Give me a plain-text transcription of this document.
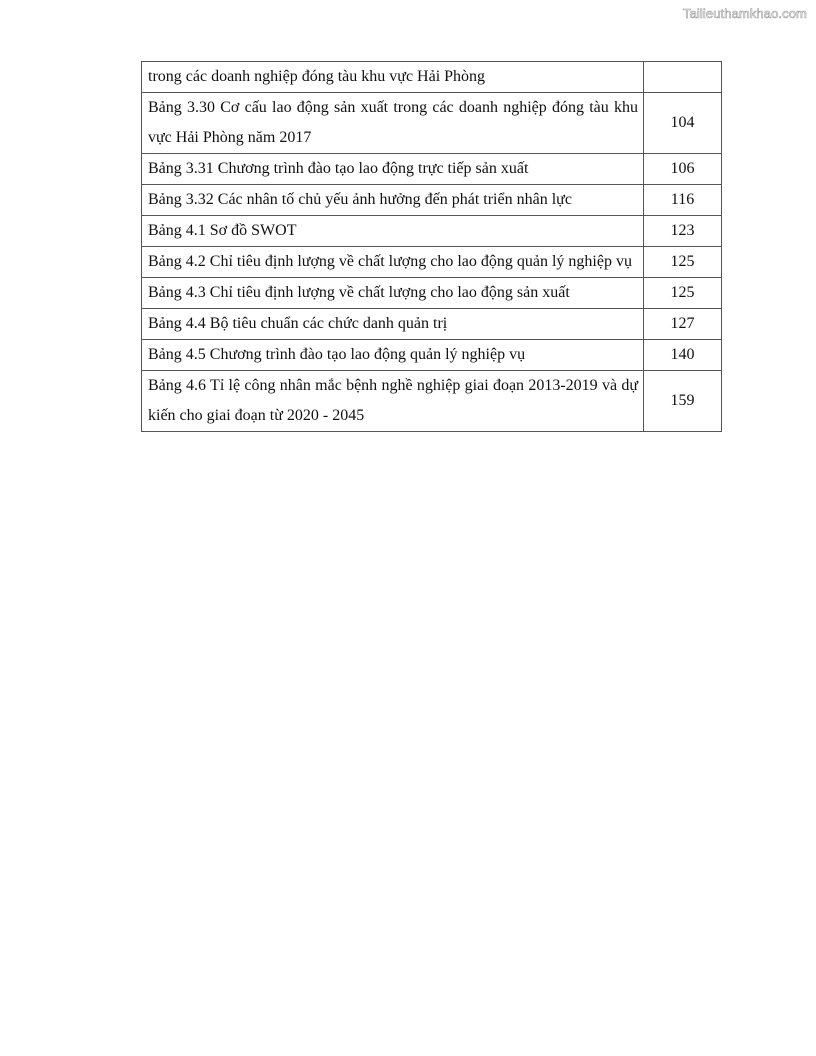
Tailieuthamkhao.com
trong các doanh nghiệp đóng tàu khu vực Hải Phòng	
Bảng 3.30 Cơ cấu lao động sản xuất trong các doanh nghiệp đóng tàu khu vực Hải Phòng năm 2017	104
Bảng 3.31 Chương trình đào tạo lao động trực tiếp sản xuất	106
Bảng 3.32 Các nhân tố chủ yếu ảnh hưởng đến phát triển nhân lực	116
Bảng 4.1 Sơ đồ SWOT	123
Bảng 4.2 Chỉ tiêu định lượng về chất lượng cho lao động quản lý nghiệp vụ	125
Bảng 4.3 Chỉ tiêu định lượng về chất lượng cho lao động sản xuất	125
Bảng 4.4 Bộ tiêu chuẩn các chức danh quản trị	127
Bảng 4.5 Chương trình đào tạo lao động quản lý nghiệp vụ	140
Bảng 4.6 Tỉ lệ công nhân mắc bệnh nghề nghiệp giai đoạn 2013-2019 và dự kiến cho giai đoạn từ 2020 - 2045	159
